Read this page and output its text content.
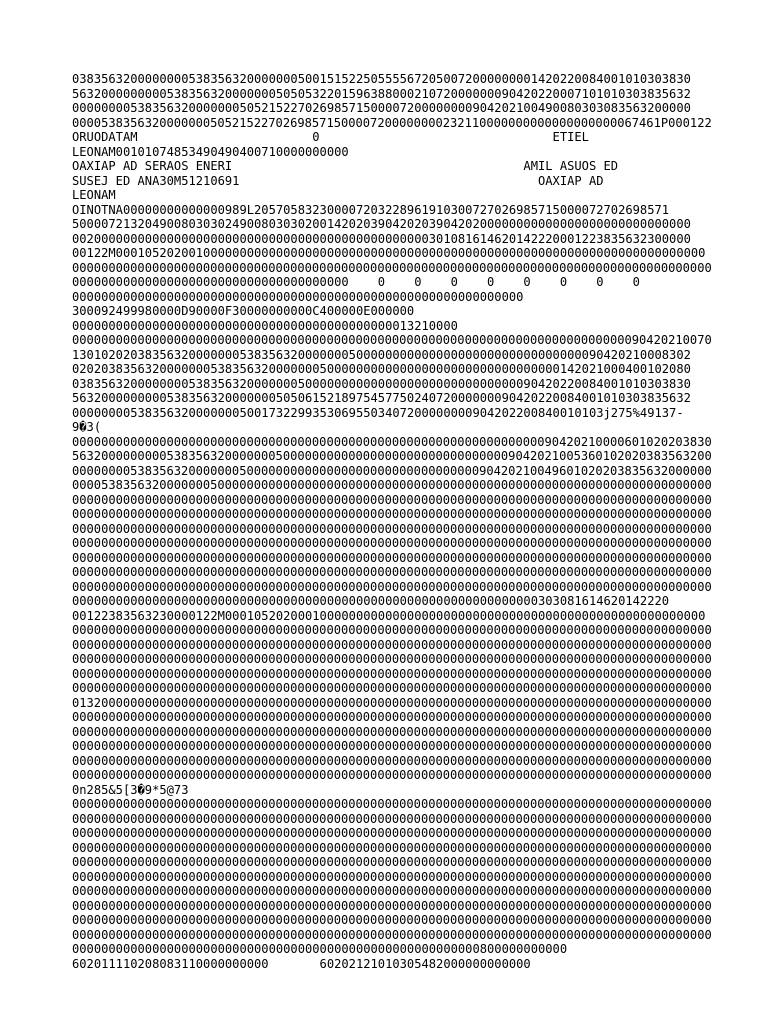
0383563200000000538356320000000500151522505555672050072000000001420220084001010303830
5632000000000538356320000000505053220159638800021072000000090420220007101010303835632
0000000053835632000000050521522702698571500007200000000904202100490080303083563200000
000053835632000000050521522702698571500007200000000232110000000000000000000067461P000122
ORUODATAM                        0                                ETIEL
LEONAM00101074853490490400710000000000
OAXIAP AD SERAOS ENERI                                        AMIL ASUOS ED
SUSEJ ED ANA30M51210691                                         OAXIAP AD
LEONAM
OINOTNA00000000000000989L205705832300007203228961910300727026985715000072702698571
5000072132049008030302490080303020014202039042020390420200000000000000000000000000000
0020000000000000000000000000000000000000000000000301081614620142220001223835632300000
00122M000105202001000000000000000000000000000000000000000000000000000000000000000000000
0000000000000000000000000000000000000000000000000000000000000000000000000000000000000000
00000000000000000000000000000000000000    0    0    0    0    0    0    0    0
00000000000000000000000000000000000000000000000000000000000000
300092499980000D90000F30000000000C400000E000000
00000000000000000000000000000000000000000000013210000
0000000000000000000000000000000000000000000000000000000000000000000000000000090420210070
1301020203835632000000053835632000000050000000000000000000000000000000090420210008302
0202038356320000000538356320000000500000000000000000000000000000000142021000400102080
0383563200000000538356320000000500000000000000000000000000000090420220084001010303830
5632000000000538356320000000505061521897545775024072000000090420220084001010303835632
0000000053835632000000050017322993530695503407200000000904202200840010103j275%49137-
9�3(
0000000000000000000000000000000000000000000000000000000000000000090420210000601020203830
5632000000000538356320000000500000000000000000000000000000009042021005360102020383563200
0000000053835632000000050000000000000000000000000000000090420210049601020203835632000000
0000538356320000000500000000000000000000000000000000000000000000000000000000000000000000
0000000000000000000000000000000000000000000000000000000000000000000000000000000000000000
0000000000000000000000000000000000000000000000000000000000000000000000000000000000000000
0000000000000000000000000000000000000000000000000000000000000000000000000000000000000000
0000000000000000000000000000000000000000000000000000000000000000000000000000000000000000
0000000000000000000000000000000000000000000000000000000000000000000000000000000000000000
0000000000000000000000000000000000000000000000000000000000000000000000000000000000000000
0000000000000000000000000000000000000000000000000000000000000000000000000000000000000000
0000000000000000000000000000000000000000000000000000000000000000303081614620142220
00122383563230000122M000105202000100000000000000000000000000000000000000000000000000000
0000000000000000000000000000000000000000000000000000000000000000000000000000000000000000
0000000000000000000000000000000000000000000000000000000000000000000000000000000000000000
0000000000000000000000000000000000000000000000000000000000000000000000000000000000000000
0000000000000000000000000000000000000000000000000000000000000000000000000000000000000000
0000000000000000000000000000000000000000000000000000000000000000000000000000000000000000
0132000000000000000000000000000000000000000000000000000000000000000000000000000000000000
0000000000000000000000000000000000000000000000000000000000000000000000000000000000000000
0000000000000000000000000000000000000000000000000000000000000000000000000000000000000000
0000000000000000000000000000000000000000000000000000000000000000000000000000000000000000
0000000000000000000000000000000000000000000000000000000000000000000000000000000000000000
0000000000000000000000000000000000000000000000000000000000000000000000000000000000000000
0n285&5[3�9*5@73
0000000000000000000000000000000000000000000000000000000000000000000000000000000000000000
0000000000000000000000000000000000000000000000000000000000000000000000000000000000000000
0000000000000000000000000000000000000000000000000000000000000000000000000000000000000000
0000000000000000000000000000000000000000000000000000000000000000000000000000000000000000
0000000000000000000000000000000000000000000000000000000000000000000000000000000000000000
0000000000000000000000000000000000000000000000000000000000000000000000000000000000000000
0000000000000000000000000000000000000000000000000000000000000000000000000000000000000000
0000000000000000000000000000000000000000000000000000000000000000000000000000000000000000
0000000000000000000000000000000000000000000000000000000000000000000000000000000000000000
0000000000000000000000000000000000000000000000000000000000000000000000000000000000000000
00000000000000000000000000000000000000000000000000000000800000000000
602011110208083110000000000       60202121010305482000000000000
